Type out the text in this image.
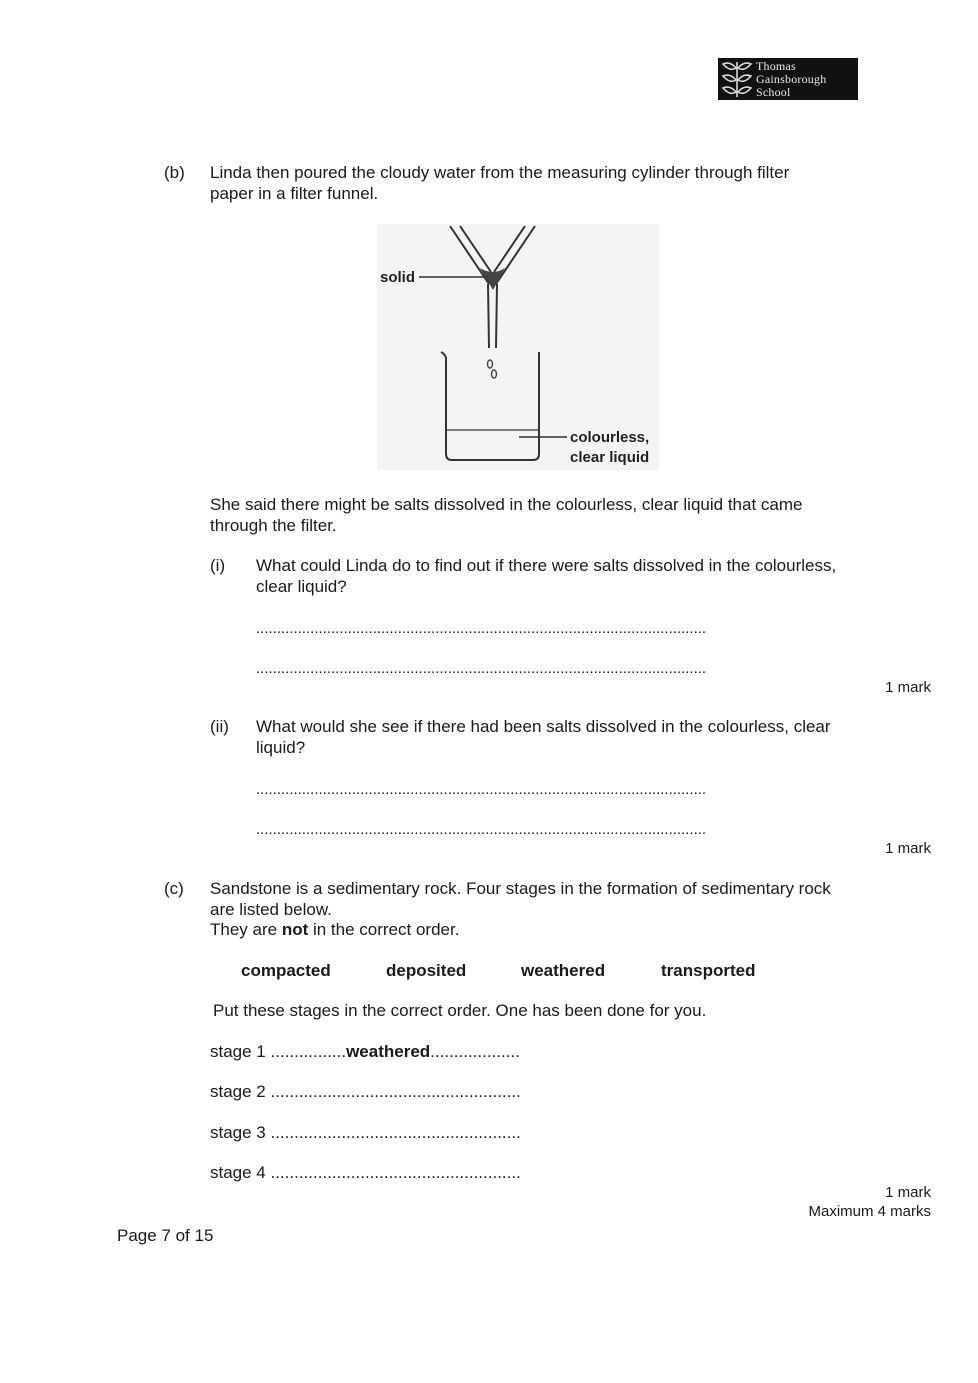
Thomas
Gainsborough
School
(b) Linda then poured the cloudy water from the measuring cylinder through filter
paper in a filter funnel.
solid
colourless,
clear liquid
She said there might be salts dissolved in the colourless, clear liquid that came
through the filter.
(i) What could Linda do to find out if there were salts dissolved in the colourless,
clear liquid?
............................................................................................................
............................................................................................................
1 mark
(ii) What would she see if there had been salts dissolved in the colourless, clear
liquid?
............................................................................................................
............................................................................................................
1 mark
(c) Sandstone is a sedimentary rock. Four stages in the formation of sedimentary rock
are listed below.
They are not in the correct order.
compacted	deposited	weathered	transported
Put these stages in the correct order. One has been done for you.
stage 1 ................weathered...................
stage 2 .....................................................
stage 3 .....................................................
stage 4 .....................................................
1 mark
Maximum 4 marks
Page 7 of 15
